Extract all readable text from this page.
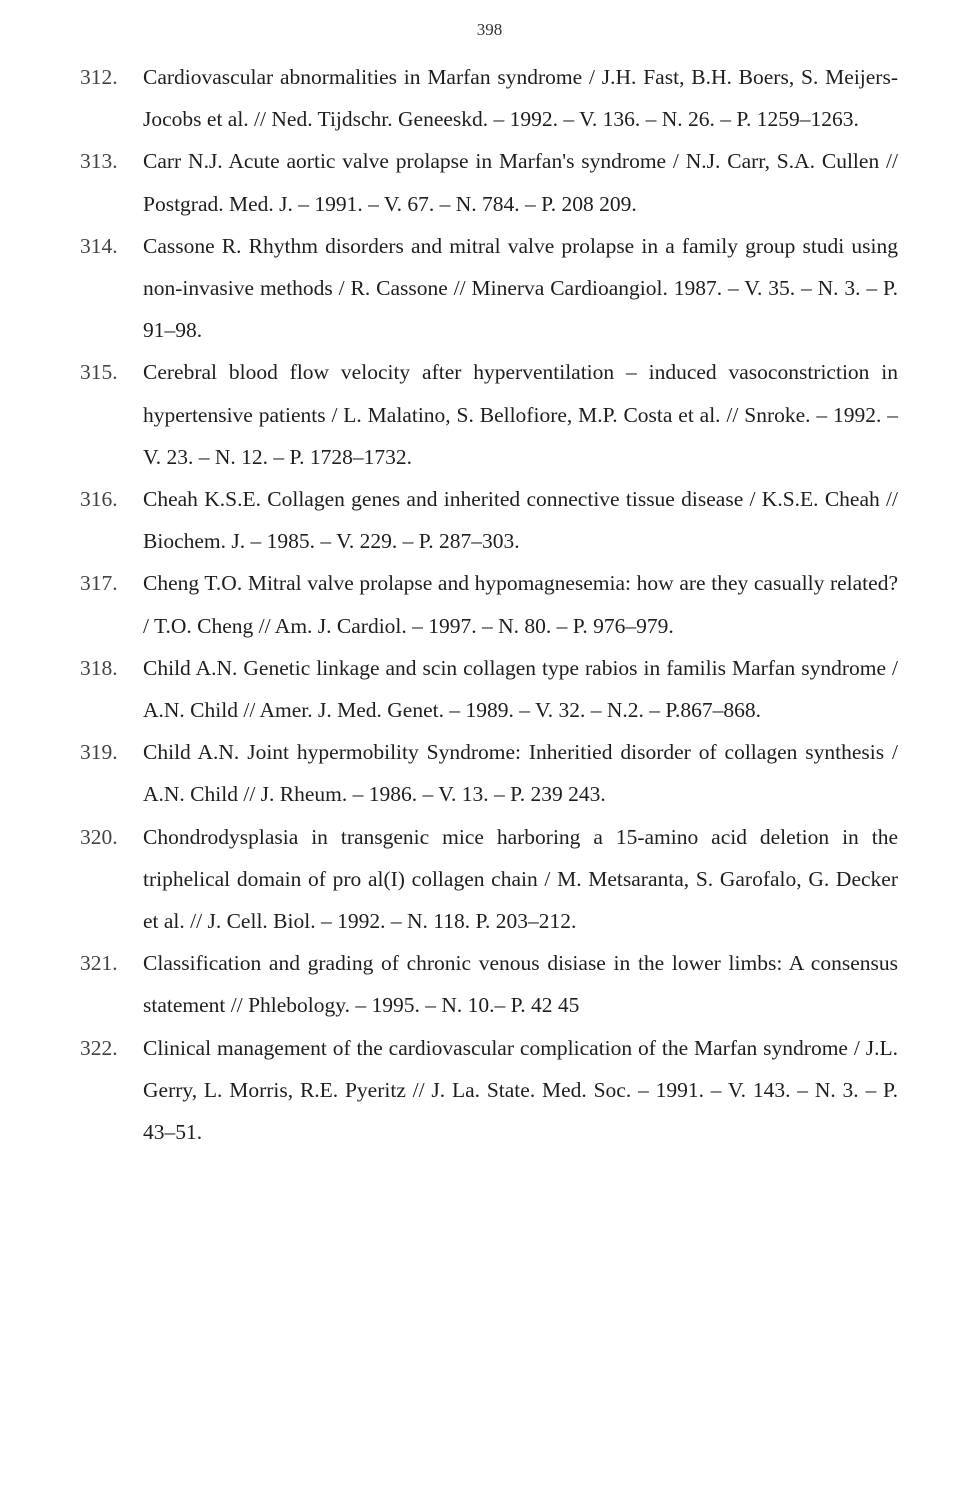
398
312. Cardiovascular abnormalities in Marfan syndrome / J.H. Fast, B.H. Boers, S. Meijers-Jocobs et al. // Ned. Tijdschr. Geneeskd. – 1992. – V. 136. – N. 26. – P. 1259–1263.
313. Carr N.J. Acute aortic valve prolapse in Marfan's syndrome / N.J. Carr, S.A. Cullen // Postgrad. Med. J. – 1991. – V. 67. – N. 784. – P. 208 209.
314. Cassone R. Rhythm disorders and mitral valve prolapse in a family group studi using non-invasive methods / R. Cassone // Minerva Cardioangiol. 1987. – V. 35. – N. 3. – P. 91–98.
315. Cerebral blood flow velocity after hyperventilation – induced vasoconstriction in hypertensive patients / L. Malatino, S. Bellofiore, M.P. Costa et al. // Snroke. – 1992. – V. 23. – N. 12. – P. 1728–1732.
316. Cheah K.S.E. Collagen genes and inherited connective tissue disease / K.S.E. Cheah // Biochem. J. – 1985. – V. 229. – P. 287–303.
317. Cheng T.O. Mitral valve prolapse and hypomagnesemia: how are they casually related? / T.O. Cheng // Am. J. Cardiol. – 1997. – N. 80. – P. 976–979.
318. Child A.N. Genetic linkage and scin collagen type rabios in familis Marfan syndrome / A.N. Child // Amer. J. Med. Genet. – 1989. – V. 32. – N.2. – P.867–868.
319. Child A.N. Joint hypermobility Syndrome: Inheritied disorder of collagen synthesis / A.N. Child // J. Rheum. – 1986. – V. 13. – P. 239 243.
320. Chondrodysplasia in transgenic mice harboring a 15-amino acid deletion in the triphelical domain of pro al(I) collagen chain / M. Metsaranta, S. Garofalo, G. Decker et al. // J. Cell. Biol. – 1992. – N. 118. P. 203–212.
321. Classification and grading of chronic venous disiase in the lower limbs: A consensus statement // Phlebology. – 1995. – N. 10.– P. 42 45
322. Clinical management of the cardiovascular complication of the Marfan syndrome / J.L. Gerry, L. Morris, R.E. Pyeritz // J. La. State. Med. Soc. – 1991. – V. 143. – N. 3. – P. 43–51.
